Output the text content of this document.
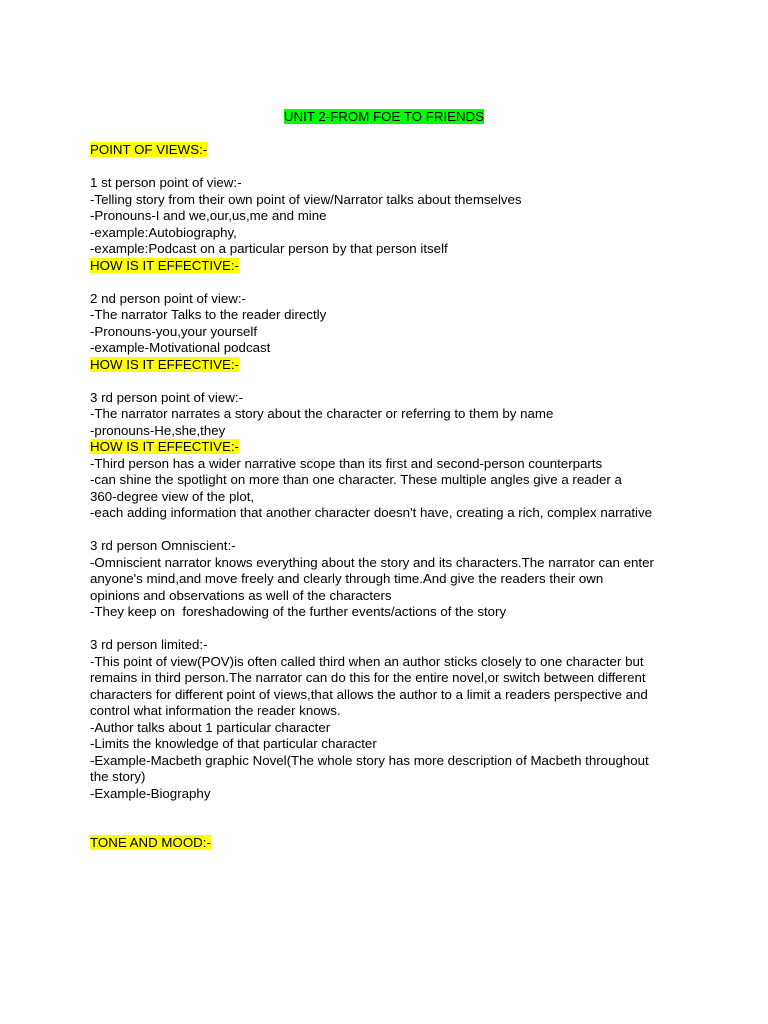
UNIT 2-FROM FOE TO FRIENDS
POINT OF VIEWS:-
1 st person point of view:-
-Telling story from their own point of view/Narrator talks about themselves
-Pronouns-I and we,our,us,me and mine
-example:Autobiography,
-example:Podcast on a particular person by that person itself
HOW IS IT EFFECTIVE:-
2 nd person point of view:-
-The narrator Talks to the reader directly
-Pronouns-you,your yourself
-example-Motivational podcast
HOW IS IT EFFECTIVE:-
3 rd person point of view:-
-The narrator narrates a story about the character or referring to them by name
-pronouns-He,she,they
HOW IS IT EFFECTIVE:-
-Third person has a wider narrative scope than its first and second-person counterparts
-can shine the spotlight on more than one character. These multiple angles give a reader a
360-degree view of the plot,
-each adding information that another character doesn't have, creating a rich, complex narrative
3 rd person Omniscient:-
-Omniscient narrator knows everything about the story and its characters.The narrator can enter
anyone's mind,and move freely and clearly through time.And give the readers their own
opinions and observations as well of the characters
-They keep on  foreshadowing of the further events/actions of the story
3 rd person limited:-
-This point of view(POV)is often called third when an author sticks closely to one character but
remains in third person.The narrator can do this for the entire novel,or switch between different
characters for different point of views,that allows the author to a limit a readers perspective and
control what information the reader knows.
-Author talks about 1 particular character
-Limits the knowledge of that particular character
-Example-Macbeth graphic Novel(The whole story has more description of Macbeth throughout
the story)
-Example-Biography
TONE AND MOOD:-
